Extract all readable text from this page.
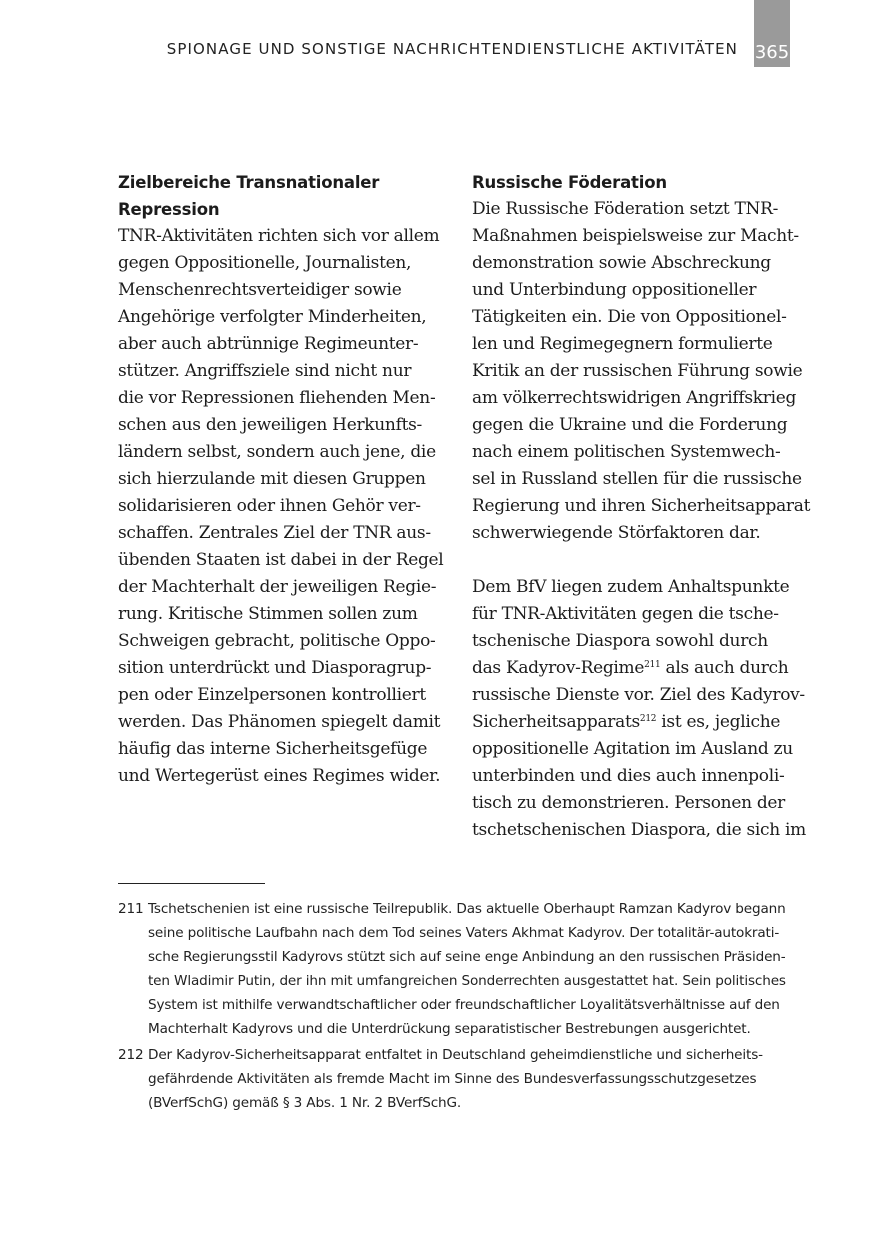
SPIONAGE UND SONSTIGE NACHRICHTENDIENSTLICHE AKTIVITÄTEN 365
Zielbereiche Transnationaler
Repression
TNR-Aktivitäten richten sich vor allem
gegen Oppositionelle, Journalisten,
Menschenrechtsverteidiger sowie
Angehörige verfolgter Minderheiten,
aber auch abtrünnige Regimeunter-
stützer. Angriffsziele sind nicht nur
die vor Repressionen fliehenden Men-
schen aus den jeweiligen Herkunfts-
ländern selbst, sondern auch jene, die
sich hierzulande mit diesen Gruppen
solidarisieren oder ihnen Gehör ver-
schaffen. Zentrales Ziel der TNR aus-
übenden Staaten ist dabei in der Regel
der Machterhalt der jeweiligen Regie-
rung. Kritische Stimmen sollen zum
Schweigen gebracht, politische Oppo-
sition unterdrückt und Diasporagrup-
pen oder Einzelpersonen kontrolliert
werden. Das Phänomen spiegelt damit
häufig das interne Sicherheitsgefüge
und Wertegerüst eines Regimes wider.
Russische Föderation
Die Russische Föderation setzt TNR-
Maßnahmen beispielsweise zur Macht-
demonstration sowie Abschreckung
und Unterbindung oppositioneller
Tätigkeiten ein. Die von Oppositionel-
len und Regimegegnern formulierte
Kritik an der russischen Führung sowie
am völkerrechtswidrigen Angriffskrieg
gegen die Ukraine und die Forderung
nach einem politischen Systemwech-
sel in Russland stellen für die russische
Regierung und ihren Sicherheitsapparat
schwerwiegende Störfaktoren dar.
Dem BfV liegen zudem Anhaltspunkte
für TNR-Aktivitäten gegen die tsche-
tschenische Diaspora sowohl durch
das Kadyrov-Regime$^{211}$ als auch durch
russische Dienste vor. Ziel des Kadyrov-
Sicherheitsapparats$^{212}$ ist es, jegliche
oppositionelle Agitation im Ausland zu
unterbinden und dies auch innenpoli-
tisch zu demonstrieren. Personen der
tschetschenischen Diaspora, die sich im
211 Tschetschenien ist eine russische Teilrepublik. Das aktuelle Oberhaupt Ramzan Kadyrov begann
seine politische Laufbahn nach dem Tod seines Vaters Akhmat Kadyrov. Der totalitär-autokrati-
sche Regierungsstil Kadyrovs stützt sich auf seine enge Anbindung an den russischen Präsiden-
ten Wladimir Putin, der ihn mit umfangreichen Sonderrechten ausgestattet hat. Sein politisches
System ist mithilfe verwandtschaftlicher oder freundschaftlicher Loyalitätsverhältnisse auf den
Machterhalt Kadyrovs und die Unterdrückung separatistischer Bestrebungen ausgerichtet.
212 Der Kadyrov-Sicherheitsapparat entfaltet in Deutschland geheimdienstliche und sicherheits-
gefährdende Aktivitäten als fremde Macht im Sinne des Bundesverfassungsschutzgesetzes
(BVerfSchG) gemäß § 3 Abs. 1 Nr. 2 BVerfSchG.
